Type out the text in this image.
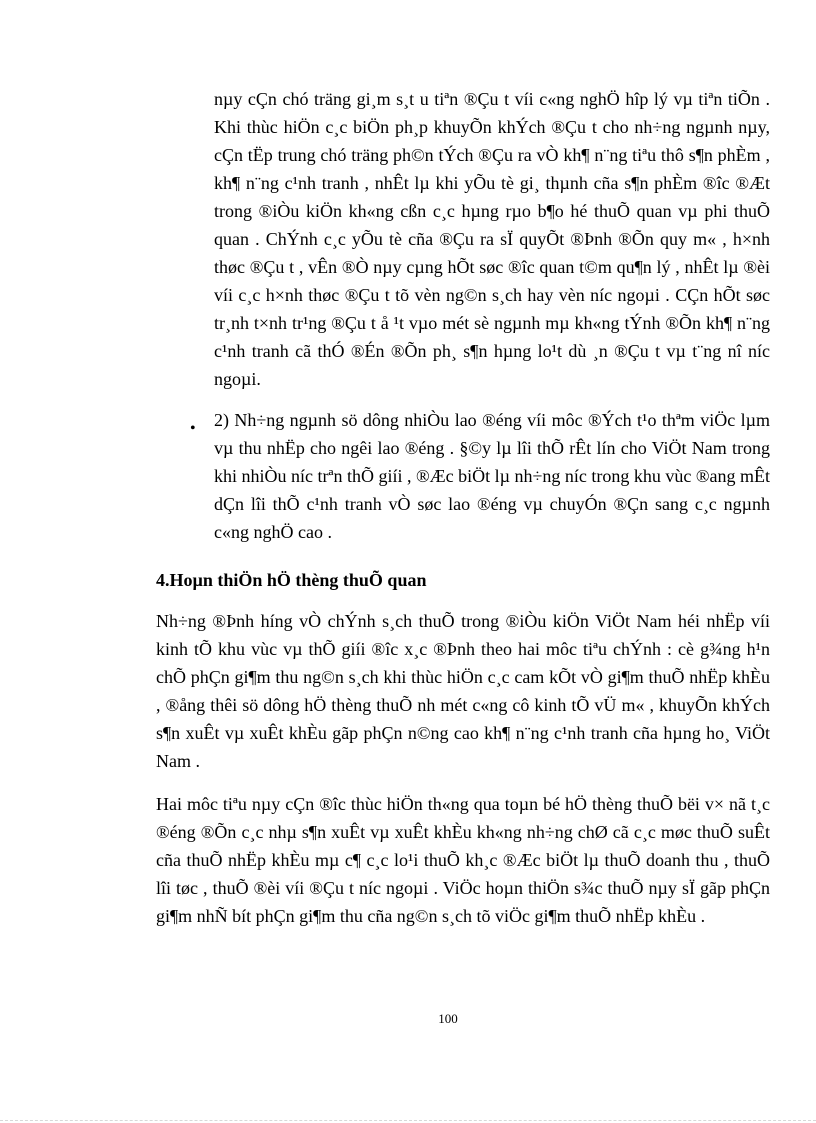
nµy cÇn chó träng gi¸m s¸t u tiªn ®Çu t víi c«ng nghÖ hîp lý vµ tiªn tiÕn . Khi thùc hiÖn c¸c biÖn ph¸p khuyÕn khÝch ®Çu t cho nh÷ng ngµnh nµy, cÇn tËp trung chó träng ph©n tÝch ®Çu ra vÒ kh¶ n¨ng tiªu thô s¶n phÈm , kh¶ n¨ng c¹nh tranh , nhÊt lµ khi yÕu tè gi¸ thµnh cña s¶n phÈm ®îc ®Æt trong ®iÒu kiÖn kh«ng cßn c¸c hµng rµo b¶o hé thuÕ quan vµ phi thuÕ quan . ChÝnh c¸c yÕu tè cña ®Çu ra sÏ quyÕt ®Þnh ®Õn quy m« , h×nh thøc ®Çu t , vÊn ®Ò nµy cµng hÕt søc ®îc quan t©m qu¶n lý , nhÊt lµ ®èi víi c¸c h×nh thøc ®Çu t tõ vèn ng©n s¸ch hay vèn níc ngoµi . CÇn hÕt søc tr¸nh t×nh tr¹ng ®Çu t å ¹t vµo mét sè ngµnh mµ kh«ng tÝnh ®Õn kh¶ n¨ng c¹nh tranh cã thÓ ®Én ®Õn ph¸ s¶n hµng lo¹t dù ¸n ®Çu t vµ t¨ng nî níc ngoµi.

• 2) Nh÷ng ngµnh sö dông nhiÒu lao ®éng víi môc ®Ých t¹o thªm viÖc lµm vµ thu nhËp cho ngêi lao ®éng . §©y lµ lîi thÕ rÊt lín cho ViÖt Nam trong khi nhiÒu níc trªn thÕ giíi , ®Æc biÖt lµ nh÷ng níc trong khu vùc ®ang mÊt dÇn lîi thÕ c¹nh tranh vÒ søc lao ®éng vµ chuyÓn ®Çn sang c¸c ngµnh c«ng nghÖ cao .

4.Hoµn thiÖn hÖ thèng thuÕ quan

Nh÷ng ®Þnh híng vÒ chÝnh s¸ch thuÕ trong ®iÒu kiÖn ViÖt Nam héi nhËp víi kinh tÕ khu vùc vµ thÕ giíi ®îc x¸c ®Þnh theo hai môc tiªu chÝnh : cè g¾ng h¹n chÕ phÇn gi¶m thu ng©n s¸ch khi thùc hiÖn c¸c cam kÕt vÒ gi¶m thuÕ nhËp khÈu , ®ång thêi sö dông hÖ thèng thuÕ nh mét c«ng cô kinh tÕ vÜ m« , khuyÕn khÝch s¶n xuÊt vµ xuÊt khÈu gãp phÇn n©ng cao kh¶ n¨ng c¹nh tranh cña hµng ho¸ ViÖt Nam .

Hai môc tiªu nµy cÇn ®îc thùc hiÖn th«ng qua toµn bé hÖ thèng thuÕ bëi v× nã t¸c ®éng ®Õn c¸c nhµ s¶n xuÊt vµ xuÊt khÈu kh«ng nh÷ng chØ cã c¸c møc thuÕ suÊt cña thuÕ nhËp khÈu mµ c¶ c¸c lo¹i thuÕ kh¸c ®Æc biÖt lµ thuÕ doanh thu , thuÕ lîi tøc , thuÕ ®èi víi ®Çu t níc ngoµi . ViÖc hoµn thiÖn s¾c thuÕ nµy sÏ gãp phÇn gi¶m nhÑ bít phÇn gi¶m thu cña ng©n s¸ch tõ viÖc gi¶m thuÕ nhËp khÈu .

100
